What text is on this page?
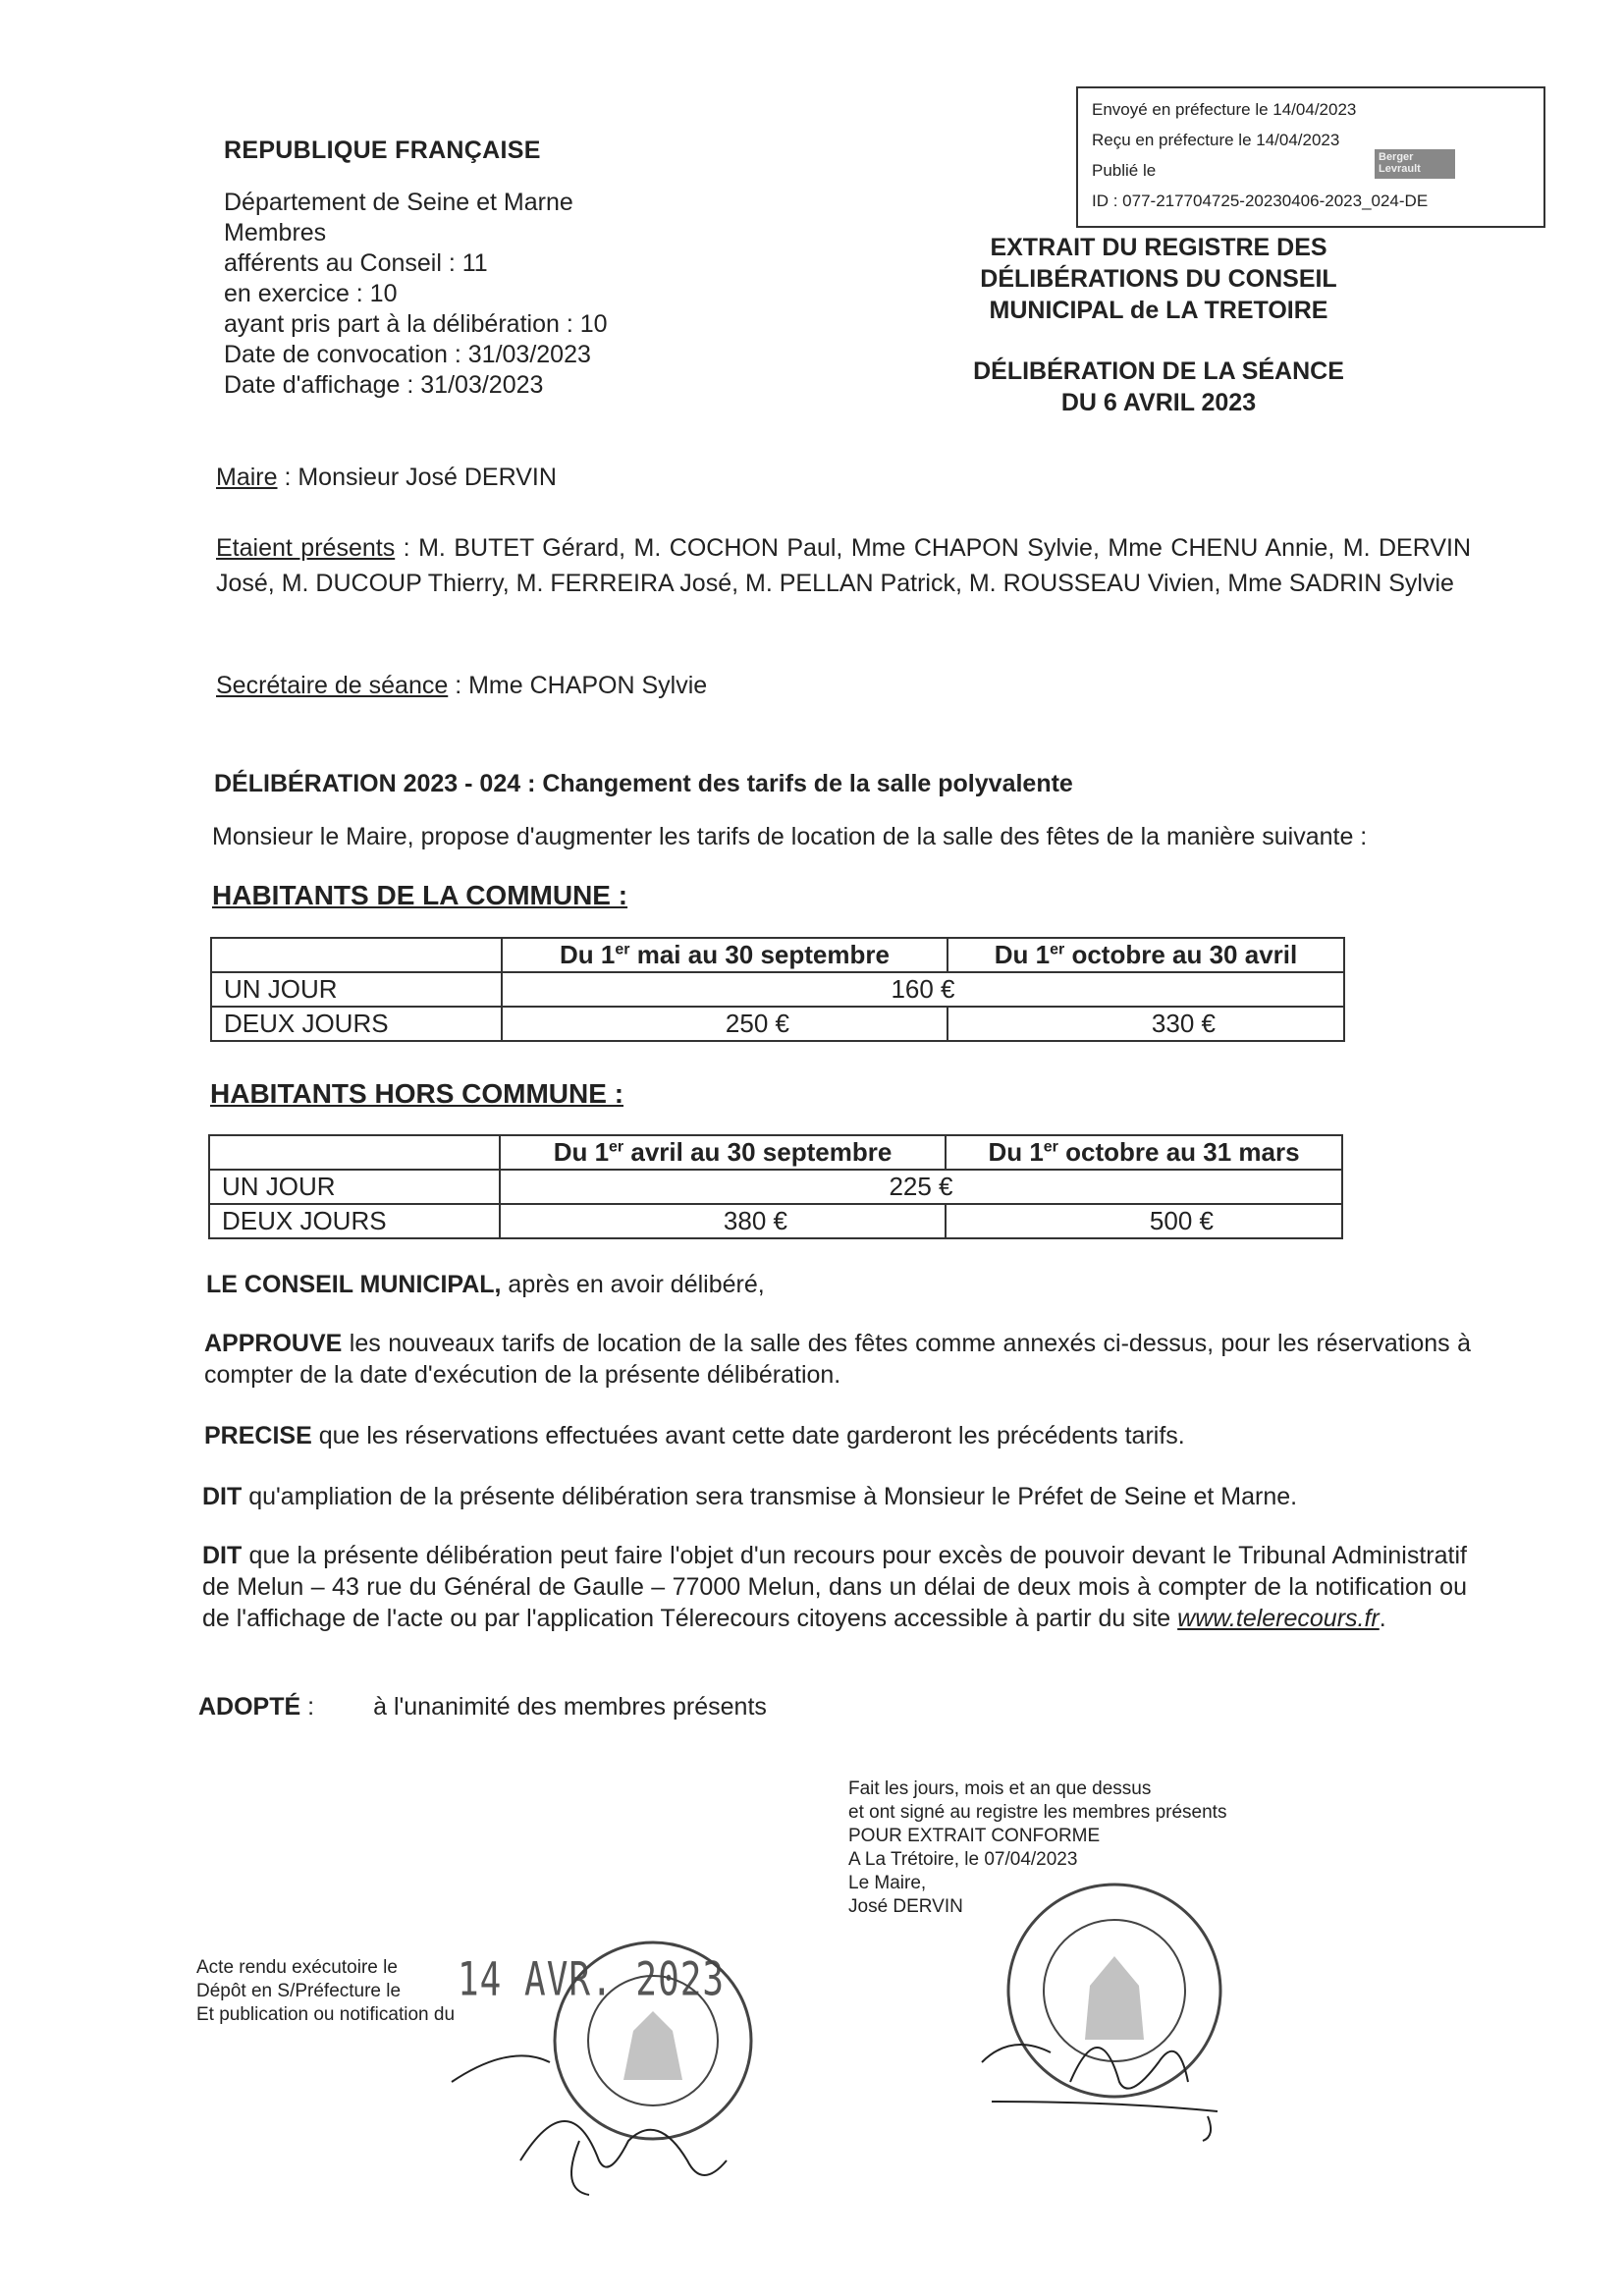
REPUBLIQUE FRANÇAISE
Département de Seine et Marne
Membres
afférents au Conseil : 11
en exercice : 10
ayant pris part à la délibération : 10
Date de convocation : 31/03/2023
Date d'affichage : 31/03/2023
Envoyé en préfecture le 14/04/2023
Reçu en préfecture le 14/04/2023
Publié le
ID : 077-217704725-20230406-2023_024-DE
Berger Levrault
EXTRAIT DU REGISTRE DES
DÉLIBÉRATIONS DU CONSEIL
MUNICIPAL de LA TRETOIRE
DÉLIBÉRATION DE LA SÉANCE
DU 6 AVRIL 2023
Maire : Monsieur José DERVIN
Etaient présents : M. BUTET Gérard, M. COCHON Paul, Mme CHAPON Sylvie, Mme CHENU Annie, M. DERVIN José, M. DUCOUP Thierry, M. FERREIRA José, M. PELLAN Patrick, M. ROUSSEAU Vivien, Mme SADRIN Sylvie
Secrétaire de séance : Mme CHAPON Sylvie
DÉLIBÉRATION 2023 - 024 : Changement des tarifs de la salle polyvalente
Monsieur le Maire, propose d'augmenter les tarifs de location de la salle des fêtes de la manière suivante :
HABITANTS DE LA COMMUNE :
	Du 1er mai au 30 septembre	Du 1er octobre au 30 avril
UN JOUR	160 €	
DEUX JOURS	250 €	330 €
HABITANTS HORS COMMUNE :
	Du 1er avril au 30 septembre	Du 1er octobre au 31 mars
UN JOUR	225 €	
DEUX JOURS	380 €	500 €
LE CONSEIL MUNICIPAL, après en avoir délibéré,
APPROUVE les nouveaux tarifs de location de la salle des fêtes comme annexés ci-dessus, pour les réservations à compter de la date d'exécution de la présente délibération.
PRECISE que les réservations effectuées avant cette date garderont les précédents tarifs.
DIT qu'ampliation de la présente délibération sera transmise à Monsieur le Préfet de Seine et Marne.
DIT que la présente délibération peut faire l'objet d'un recours pour excès de pouvoir devant le Tribunal Administratif de Melun – 43 rue du Général de Gaulle – 77000 Melun, dans un délai de deux mois à compter de la notification ou de l'affichage de l'acte ou par l'application Télerecours citoyens accessible à partir du site www.telerecours.fr.
ADOPTÉ : à l'unanimité des membres présents
Fait les jours, mois et an que dessus
et ont signé au registre les membres présents
POUR EXTRAIT CONFORME
A La Trétoire, le 07/04/2023
Le Maire,
José DERVIN
Acte rendu exécutoire le
Dépôt en S/Préfecture le
Et publication ou notification du
14 AVR. 2023
